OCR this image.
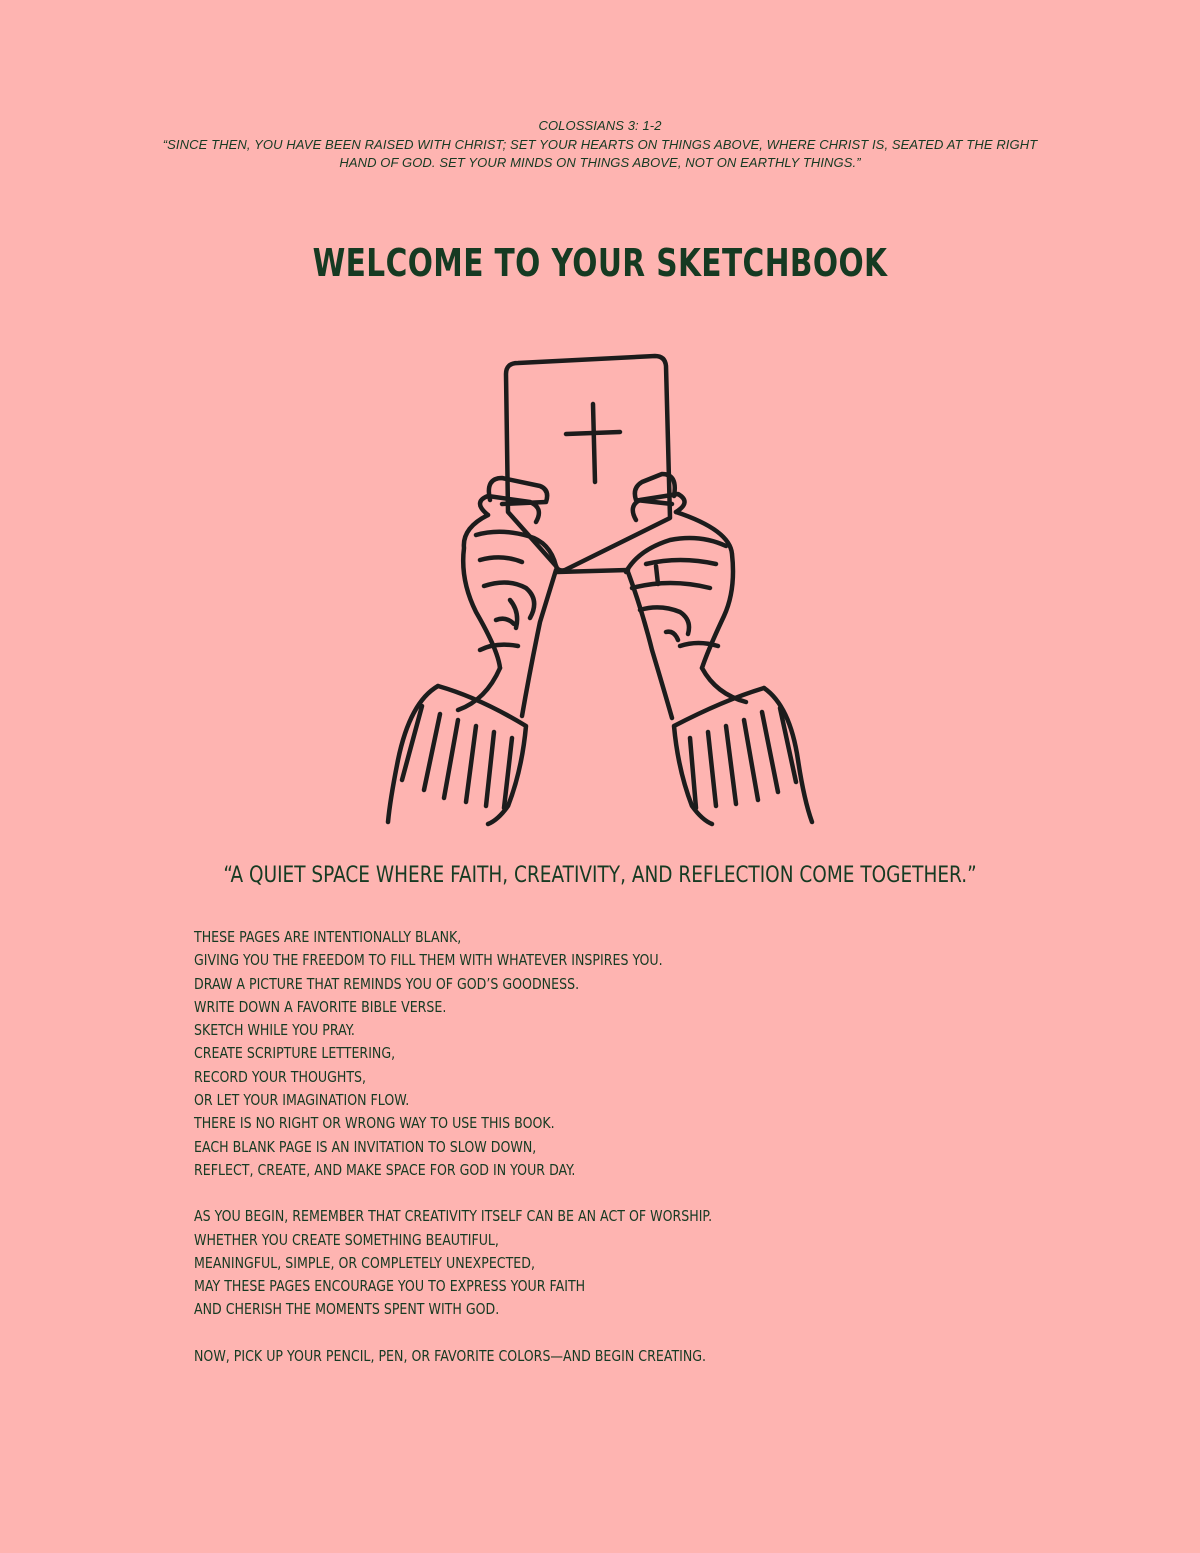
COLOSSIANS 3: 1-2
“SINCE THEN, YOU HAVE BEEN RAISED WITH CHRIST; SET YOUR HEARTS ON THINGS ABOVE, WHERE CHRIST IS, SEATED AT THE RIGHT HAND OF GOD. SET YOUR MINDS ON THINGS ABOVE, NOT ON EARTHLY THINGS.”
WELCOME TO YOUR SKETCHBOOK

“A QUIET SPACE WHERE FAITH, CREATIVITY, AND REFLECTION COME TOGETHER.”

THESE PAGES ARE INTENTIONALLY BLANK,
GIVING YOU THE FREEDOM TO FILL THEM WITH WHATEVER INSPIRES YOU.
DRAW A PICTURE THAT REMINDS YOU OF GOD’S GOODNESS.
WRITE DOWN A FAVORITE BIBLE VERSE.
SKETCH WHILE YOU PRAY.
CREATE SCRIPTURE LETTERING,
RECORD YOUR THOUGHTS,
OR LET YOUR IMAGINATION FLOW.
THERE IS NO RIGHT OR WRONG WAY TO USE THIS BOOK.
EACH BLANK PAGE IS AN INVITATION TO SLOW DOWN,
REFLECT, CREATE, AND MAKE SPACE FOR GOD IN YOUR DAY.
AS YOU BEGIN, REMEMBER THAT CREATIVITY ITSELF CAN BE AN ACT OF WORSHIP.
WHETHER YOU CREATE SOMETHING BEAUTIFUL,
MEANINGFUL, SIMPLE, OR COMPLETELY UNEXPECTED,
MAY THESE PAGES ENCOURAGE YOU TO EXPRESS YOUR FAITH
AND CHERISH THE MOMENTS SPENT WITH GOD.
NOW, PICK UP YOUR PENCIL, PEN, OR FAVORITE COLORS—AND BEGIN CREATING.
